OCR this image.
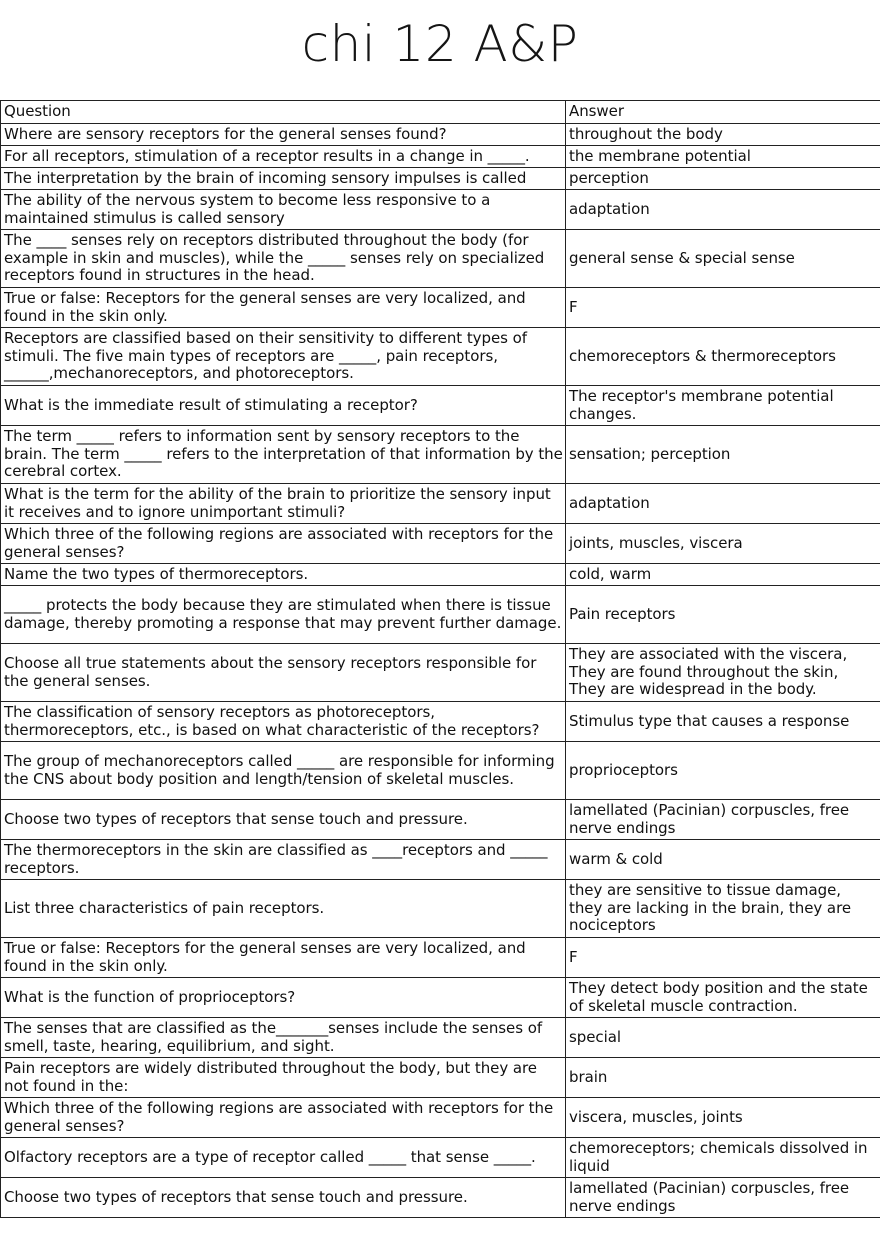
chi 12 A&P
Question	Answer
Where are sensory receptors for the general senses found?	throughout the body
For all receptors, stimulation of a receptor results in a change in _____.	the membrane potential
The interpretation by the brain of incoming sensory impulses is called	perception
The ability of the nervous system to become less responsive to a maintained stimulus is called sensory	adaptation
The ____ senses rely on receptors distributed throughout the body (for example in skin and muscles), while the _____ senses rely on specialized receptors found in structures in the head.	general sense & special sense
True or false: Receptors for the general senses are very localized, and found in the skin only.	F
Receptors are classified based on their sensitivity to different types of stimuli. The five main types of receptors are _____, pain receptors, ______,mechanoreceptors, and photoreceptors.	chemoreceptors & thermoreceptors
What is the immediate result of stimulating a receptor?	The receptor's membrane potential changes.
The term _____ refers to information sent by sensory receptors to the brain. The term _____ refers to the interpretation of that information by the cerebral cortex.	sensation; perception
What is the term for the ability of the brain to prioritize the sensory input it receives and to ignore unimportant stimuli?	adaptation
Which three of the following regions are associated with receptors for the general senses?	joints, muscles, viscera
Name the two types of thermoreceptors.	cold, warm
_____ protects the body because they are stimulated when there is tissue damage, thereby promoting a response that may prevent further damage.	Pain receptors
Choose all true statements about the sensory receptors responsible for the general senses.	They are associated with the viscera, They are found throughout the skin, They are widespread in the body.
The classification of sensory receptors as photoreceptors, thermoreceptors, etc., is based on what characteristic of the receptors?	Stimulus type that causes a response
The group of mechanoreceptors called _____ are responsible for informing the CNS about body position and length/tension of skeletal muscles.	proprioceptors
Choose two types of receptors that sense touch and pressure.	lamellated (Pacinian) corpuscles, free nerve endings
The thermoreceptors in the skin are classified as ____receptors and _____ receptors.	warm & cold
List three characteristics of pain receptors.	they are sensitive to tissue damage, they are lacking in the brain, they are nociceptors
True or false: Receptors for the general senses are very localized, and found in the skin only.	F
What is the function of proprioceptors?	They detect body position and the state of skeletal muscle contraction.
The senses that are classified as the_______senses include the senses of smell, taste, hearing, equilibrium, and sight.	special
Pain receptors are widely distributed throughout the body, but they are not found in the:	brain
Which three of the following regions are associated with receptors for the general senses?	viscera, muscles, joints
Olfactory receptors are a type of receptor called _____ that sense _____.	chemoreceptors; chemicals dissolved in liquid
Choose two types of receptors that sense touch and pressure.	lamellated (Pacinian) corpuscles, free nerve endings
